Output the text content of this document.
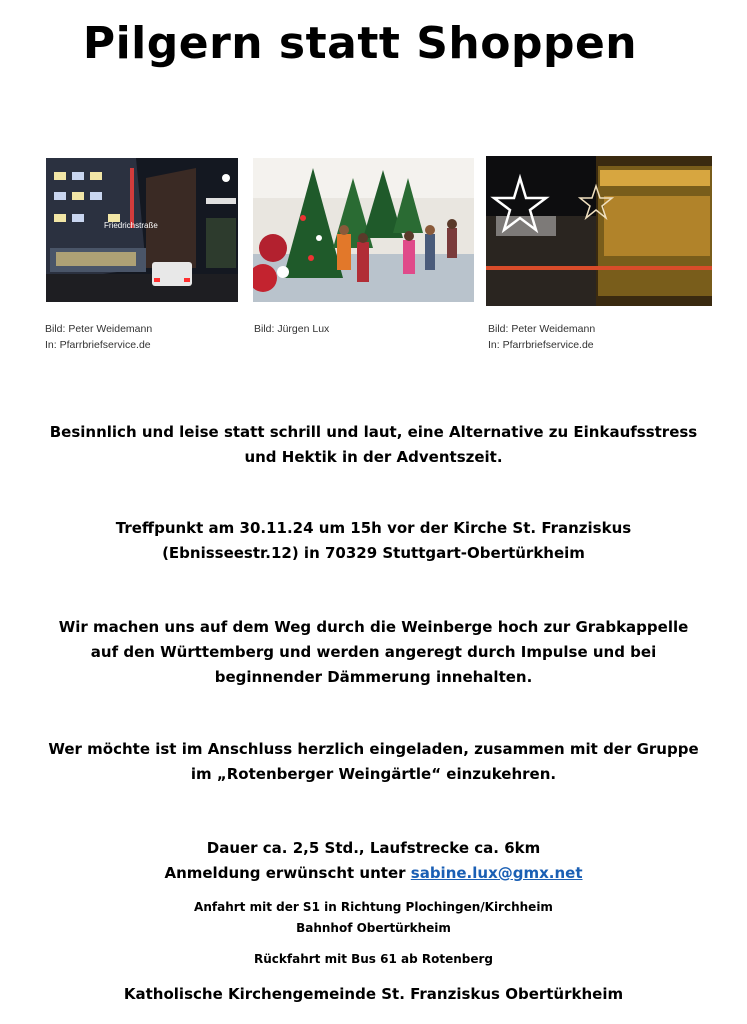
Pilgern statt Shoppen
Friedrichstraße
Bild: Peter Weidemann
In: Pfarrbriefservice.de
Bild: Jürgen Lux	Bild: Peter Weidemann
In: Pfarrbriefservice.de
Besinnlich und leise statt schrill und laut, eine Alternative zu Einkaufsstress
und Hektik in der Adventszeit.
Treffpunkt am 30.11.24 um 15h vor der Kirche St. Franziskus
(Ebnisseestr.12) in 70329 Stuttgart-Obertürkheim
Wir machen uns auf dem Weg durch die Weinberge hoch zur Grabkappelle
auf den Württemberg und werden angeregt durch Impulse und bei
beginnender Dämmerung innehalten.
Wer möchte ist im Anschluss herzlich eingeladen, zusammen mit der Gruppe
im „Rotenberger Weingärtle“ einzukehren.
Dauer ca. 2,5 Std., Laufstrecke ca. 6km
Anmeldung erwünscht unter sabine.lux@gmx.net
Anfahrt mit der S1 in Richtung Plochingen/Kirchheim
Bahnhof Obertürkheim
Rückfahrt mit Bus 61 ab Rotenberg
Katholische Kirchengemeinde St. Franziskus Obertürkheim
